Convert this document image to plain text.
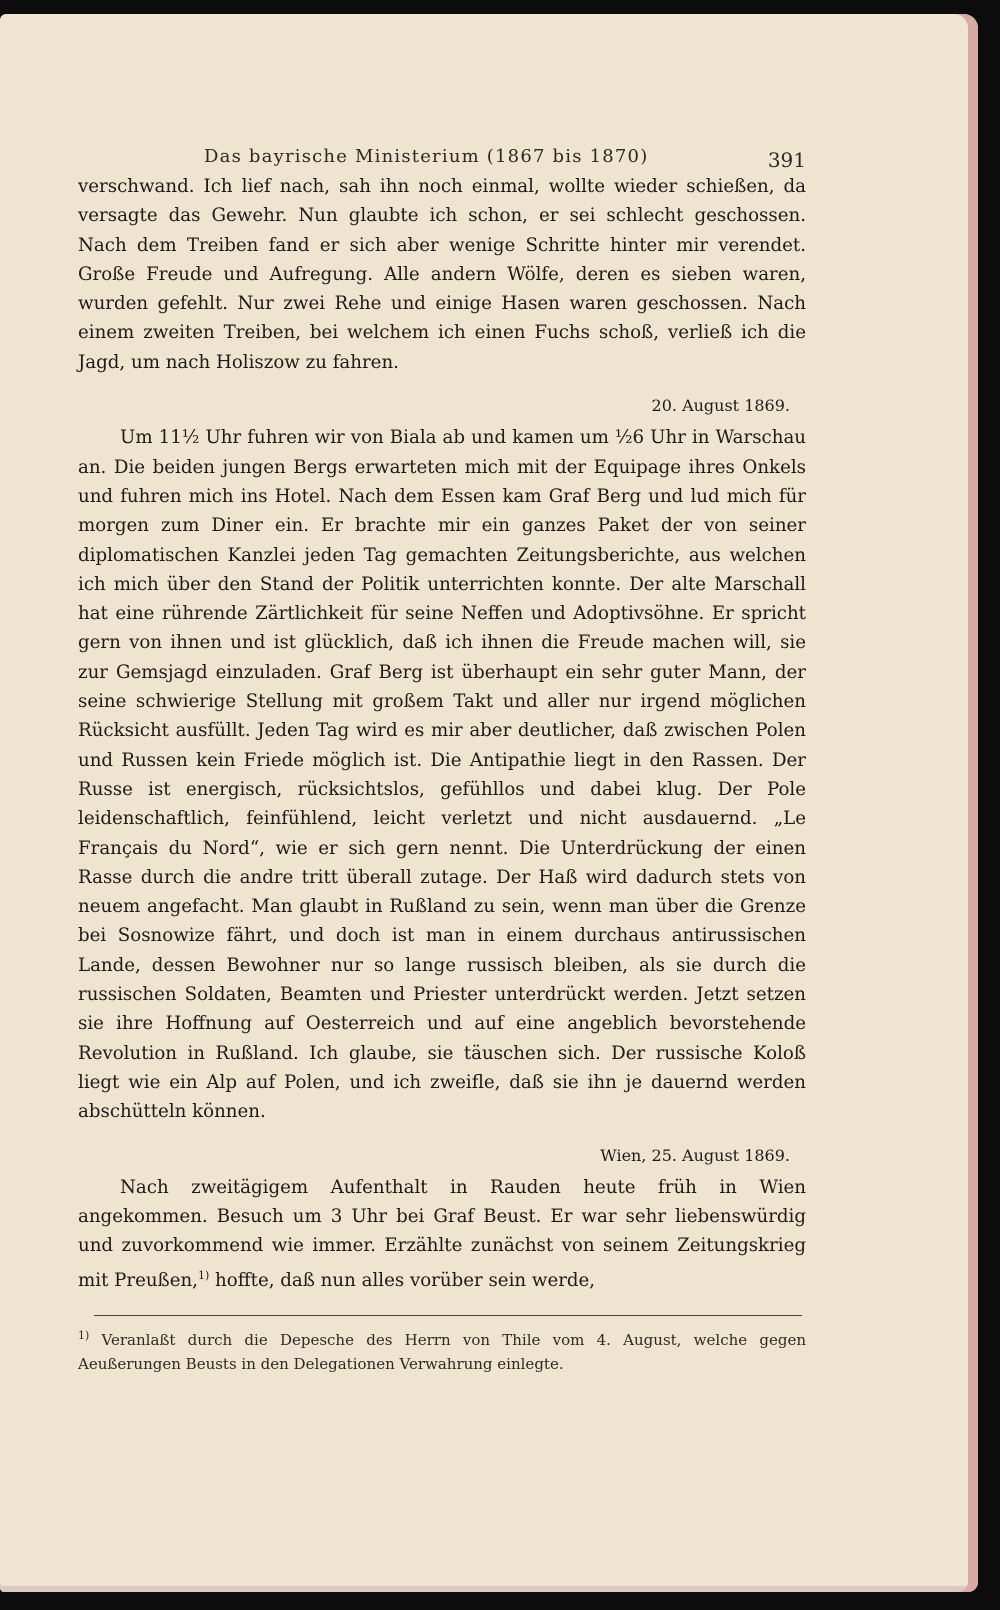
Das bayrische Ministerium (1867 bis 1870)	391

verschwand. Ich lief nach, sah ihn noch einmal, wollte wieder schießen, da versagte das Gewehr. Nun glaubte ich schon, er sei schlecht geschossen. Nach dem Treiben fand er sich aber wenige Schritte hinter mir verendet. Große Freude und Aufregung. Alle andern Wölfe, deren es sieben waren, wurden gefehlt. Nur zwei Rehe und einige Hasen waren geschossen. Nach einem zweiten Treiben, bei welchem ich einen Fuchs schoß, verließ ich die Jagd, um nach Holiszow zu fahren.

20. August 1869.

Um 11½ Uhr fuhren wir von Biala ab und kamen um ½6 Uhr in Warschau an. Die beiden jungen Bergs erwarteten mich mit der Equipage ihres Onkels und fuhren mich ins Hotel. Nach dem Essen kam Graf Berg und lud mich für morgen zum Diner ein. Er brachte mir ein ganzes Paket der von seiner diplomatischen Kanzlei jeden Tag gemachten Zeitungsberichte, aus welchen ich mich über den Stand der Politik unterrichten konnte. Der alte Marschall hat eine rührende Zärtlichkeit für seine Neffen und Adoptivsöhne. Er spricht gern von ihnen und ist glücklich, daß ich ihnen die Freude machen will, sie zur Gemsjagd einzuladen. Graf Berg ist überhaupt ein sehr guter Mann, der seine schwierige Stellung mit großem Takt und aller nur irgend möglichen Rücksicht ausfüllt. Jeden Tag wird es mir aber deutlicher, daß zwischen Polen und Russen kein Friede möglich ist. Die Antipathie liegt in den Rassen. Der Russe ist energisch, rücksichtslos, gefühllos und dabei klug. Der Pole leidenschaftlich, feinfühlend, leicht verletzt und nicht ausdauernd. „Le Français du Nord“, wie er sich gern nennt. Die Unterdrückung der einen Rasse durch die andre tritt überall zutage. Der Haß wird dadurch stets von neuem angefacht. Man glaubt in Rußland zu sein, wenn man über die Grenze bei Sosnowize fährt, und doch ist man in einem durchaus antirussischen Lande, dessen Bewohner nur so lange russisch bleiben, als sie durch die russischen Soldaten, Beamten und Priester unterdrückt werden. Jetzt setzen sie ihre Hoffnung auf Oesterreich und auf eine angeblich bevorstehende Revolution in Rußland. Ich glaube, sie täuschen sich. Der russische Koloß liegt wie ein Alp auf Polen, und ich zweifle, daß sie ihn je dauernd werden abschütteln können.

Wien, 25. August 1869.

Nach zweitägigem Aufenthalt in Rauden heute früh in Wien angekommen. Besuch um 3 Uhr bei Graf Beust. Er war sehr liebenswürdig und zuvorkommend wie immer. Erzählte zunächst von seinem Zeitungskrieg mit Preußen,$^{1)}$ hoffte, daß nun alles vorüber sein werde,

$^{1)}$ Veranlaßt durch die Depesche des Herrn von Thile vom 4. August, welche gegen Aeußerungen Beusts in den Delegationen Verwahrung einlegte.
